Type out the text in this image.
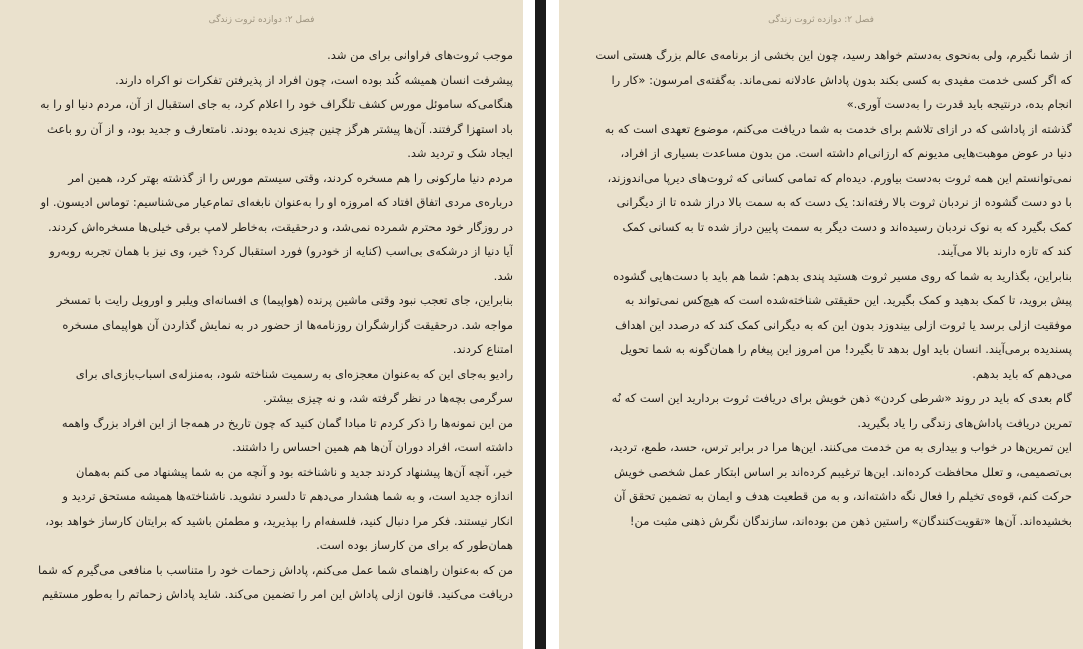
فصل ۲: دوازده ثروت زندگی
موجب ثروت‌های فراوانی برای من شد.
پیشرفت انسان همیشه کُند بوده است، چون افراد از پذیرفتن تفکرات نو اکراه دارند.
هنگامی‌که ساموئل مورس کشف تلگراف خود را اعلام کرد، به جای استقبال از آن، مردم دنیا او را به
باد استهزا گرفتند. آن‌ها پیشتر هرگز چنین چیزی ندیده بودند. نامتعارف و جدید بود، و از آن رو باعث
ایجاد شک و تردید شد.
مردم دنیا مارکونی را هم مسخره کردند، وقتی سیستم مورس را از گذشته بهتر کرد، همین امر
درباره‌ی مردی اتفاق افتاد که امروزه او را به‌عنوان نابغه‌ای تمام‌عیار می‌شناسیم: توماس ادیسون. او
در روزگار خود محترم شمرده نمی‌شد، و درحقیقت، به‌خاطر لامپ برقی خیلی‌ها مسخره‌اش کردند.
آیا دنیا از درشکه‌ی بی‌اسب (کنایه از خودرو) فورد استقبال کرد؟ خیر، وی نیز با همان تجربه روبه‌رو
شد.
بنابراین، جای تعجب نبود وقتی ماشین پرنده (هواپیما) ی افسانه‌ای ویلبر و اورویل رایت با تمسخر
مواجه شد. درحقیقت گزارشگران روزنامه‌ها از حضور در به نمایش گذاردن آن هواپیمای مسخره
امتناع کردند.
رادیو به‌جای این که به‌عنوان معجزه‌ای به رسمیت شناخته شود، به‌منزله‌ی اسباب‌بازی‌ای برای
سرگرمی بچه‌ها در نظر گرفته شد، و نه چیزی بیشتر.
من این نمونه‌ها را ذکر کردم تا مبادا گمان کنید که چون تاریخ در همه‌جا از این افراد بزرگ واهمه
داشته است، افراد دوران آن‌ها هم همین احساس را داشتند.
خیر، آنچه آن‌ها پیشنهاد کردند جدید و ناشناخته بود و آنچه من به شما پیشنهاد می کنم به‌همان
اندازه جدید است، و به شما هشدار می‌دهم تا دلسرد نشوید. ناشناخته‌ها همیشه مستحق تردید و
انکار نیستند. فکر مرا دنبال کنید، فلسفه‌ام را بپذیرید، و مطمئن باشید که برایتان کارساز خواهد بود،
همان‌طور که برای من کارساز بوده است.
من که به‌عنوان راهنمای شما عمل می‌کنم، پاداش زحمات خود را متناسب با منافعی می‌گیرم که شما
دریافت می‌کنید. قانون ازلی پاداش این امر را تضمین می‌کند. شاید پاداش زحماتم را به‌طور مستقیم
فصل ۲: دوازده ثروت زندگی
از شما نگیرم، ولی به‌نحوی به‌دستم خواهد رسید، چون این بخشی از برنامه‌ی عالم بزرگ هستی است
که اگر کسی خدمت مفیدی به کسی بکند بدون پاداش عادلانه نمی‌ماند. به‌گفته‌ی امرسون: «کار را
انجام بده، درنتیجه باید قدرت را به‌دست آوری.»
گذشته از پاداشی که در ازای تلاشم برای خدمت به شما دریافت می‌کنم، موضوع تعهدی است که به
دنیا در عوض موهبت‌هایی مدیونم که ارزانی‌ام داشته است. من بدون مساعدت بسیاری از افراد،
نمی‌توانستم این همه ثروت به‌دست بیاورم. دیده‌ام که تمامی کسانی که ثروت‌های دیرپا می‌اندوزند،
با دو دست گشوده از نردبان ثروت بالا رفته‌اند: یک دست که به سمت بالا دراز شده تا از دیگرانی
کمک بگیرد که به نوک نردبان رسیده‌اند و دست دیگر به سمت پایین دراز شده تا به کسانی کمک
کند که تازه دارند بالا می‌آیند.
بنابراین، بگذارید به شما که روی مسیر ثروت هستید پندی بدهم: شما هم باید با دست‌هایی گشوده
پیش بروید، تا کمک بدهید و کمک بگیرید. این حقیقتی شناخته‌شده است که هیچ‌کس نمی‌تواند به
موفقیت ازلی برسد یا ثروت ازلی بیندوزد بدون این که به دیگرانی کمک کند که درصدد این اهداف
پسندیده برمی‌آیند. انسان باید اول بدهد تا بگیرد! من امروز این پیغام را همان‌گونه به شما تحویل
می‌دهم که باید بدهم.
گام بعدی که باید در روند «شرطی کردن» ذهن خویش برای دریافت ثروت بردارید این است که نُه
تمرین دریافت پاداش‌های زندگی را یاد بگیرید.
این تمرین‌ها در خواب و بیداری به من خدمت می‌کنند. این‌ها مرا در برابر ترس، حسد، طمع، تردید،
بی‌تصمیمی، و تعلل محافظت کرده‌اند. این‌ها ترغیبم کرده‌اند بر اساس ابتکار عمل شخصی خویش
حرکت کنم، قوه‌ی تخیلم را فعال نگه داشته‌اند، و به من قطعیت هدف و ایمان به تضمین تحقق آن
بخشیده‌اند. آن‌ها «تقویت‌کنندگان» راستین ذهن من بوده‌اند، سازندگان نگرش ذهنی مثبت من!
